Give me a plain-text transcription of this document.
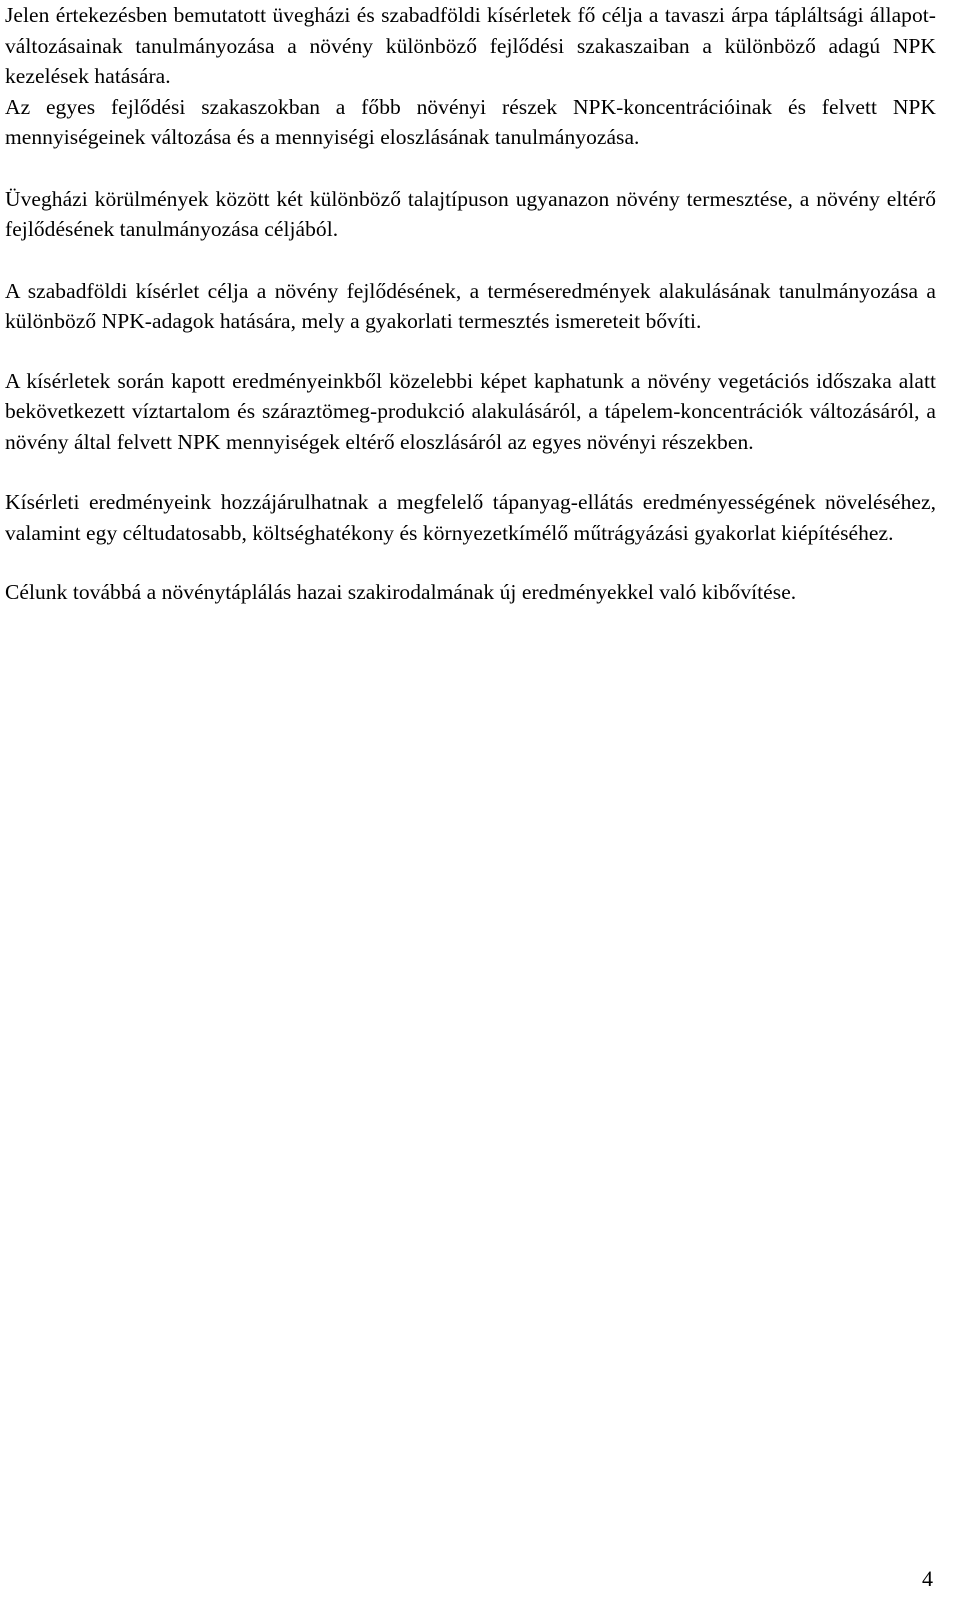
Jelen értekezésben bemutatott üvegházi és szabadföldi kísérletek fő célja a tavaszi árpa tápláltsági állapot-változásainak tanulmányozása a növény különböző fejlődési szakaszaiban a különböző adagú NPK kezelések hatására.

Az egyes fejlődési szakaszokban a főbb növényi részek NPK-koncentrációinak és felvett NPK mennyiségeinek változása és a mennyiségi eloszlásának tanulmányozása.

Üvegházi körülmények között két különböző talajtípuson ugyanazon növény termesztése, a növény eltérő fejlődésének tanulmányozása céljából.

A szabadföldi kísérlet célja a növény fejlődésének, a terméseredmények alakulásának tanulmányozása a különböző NPK-adagok hatására, mely a gyakorlati termesztés ismereteit bővíti.

A kísérletek során kapott eredményeinkből közelebbi képet kaphatunk a növény vegetációs időszaka alatt bekövetkezett víztartalom és száraztömeg-produkció alakulásáról, a tápelem-koncentrációk változásáról, a növény által felvett NPK mennyiségek eltérő eloszlásáról az egyes növényi részekben.

Kísérleti eredményeink hozzájárulhatnak a megfelelő tápanyag-ellátás eredményességének növeléséhez, valamint egy céltudatosabb, költséghatékony és környezetkímélő műtrágyázási gyakorlat kiépítéséhez.

Célunk továbbá a növénytáplálás hazai szakirodalmának új eredményekkel való kibővítése.

4
